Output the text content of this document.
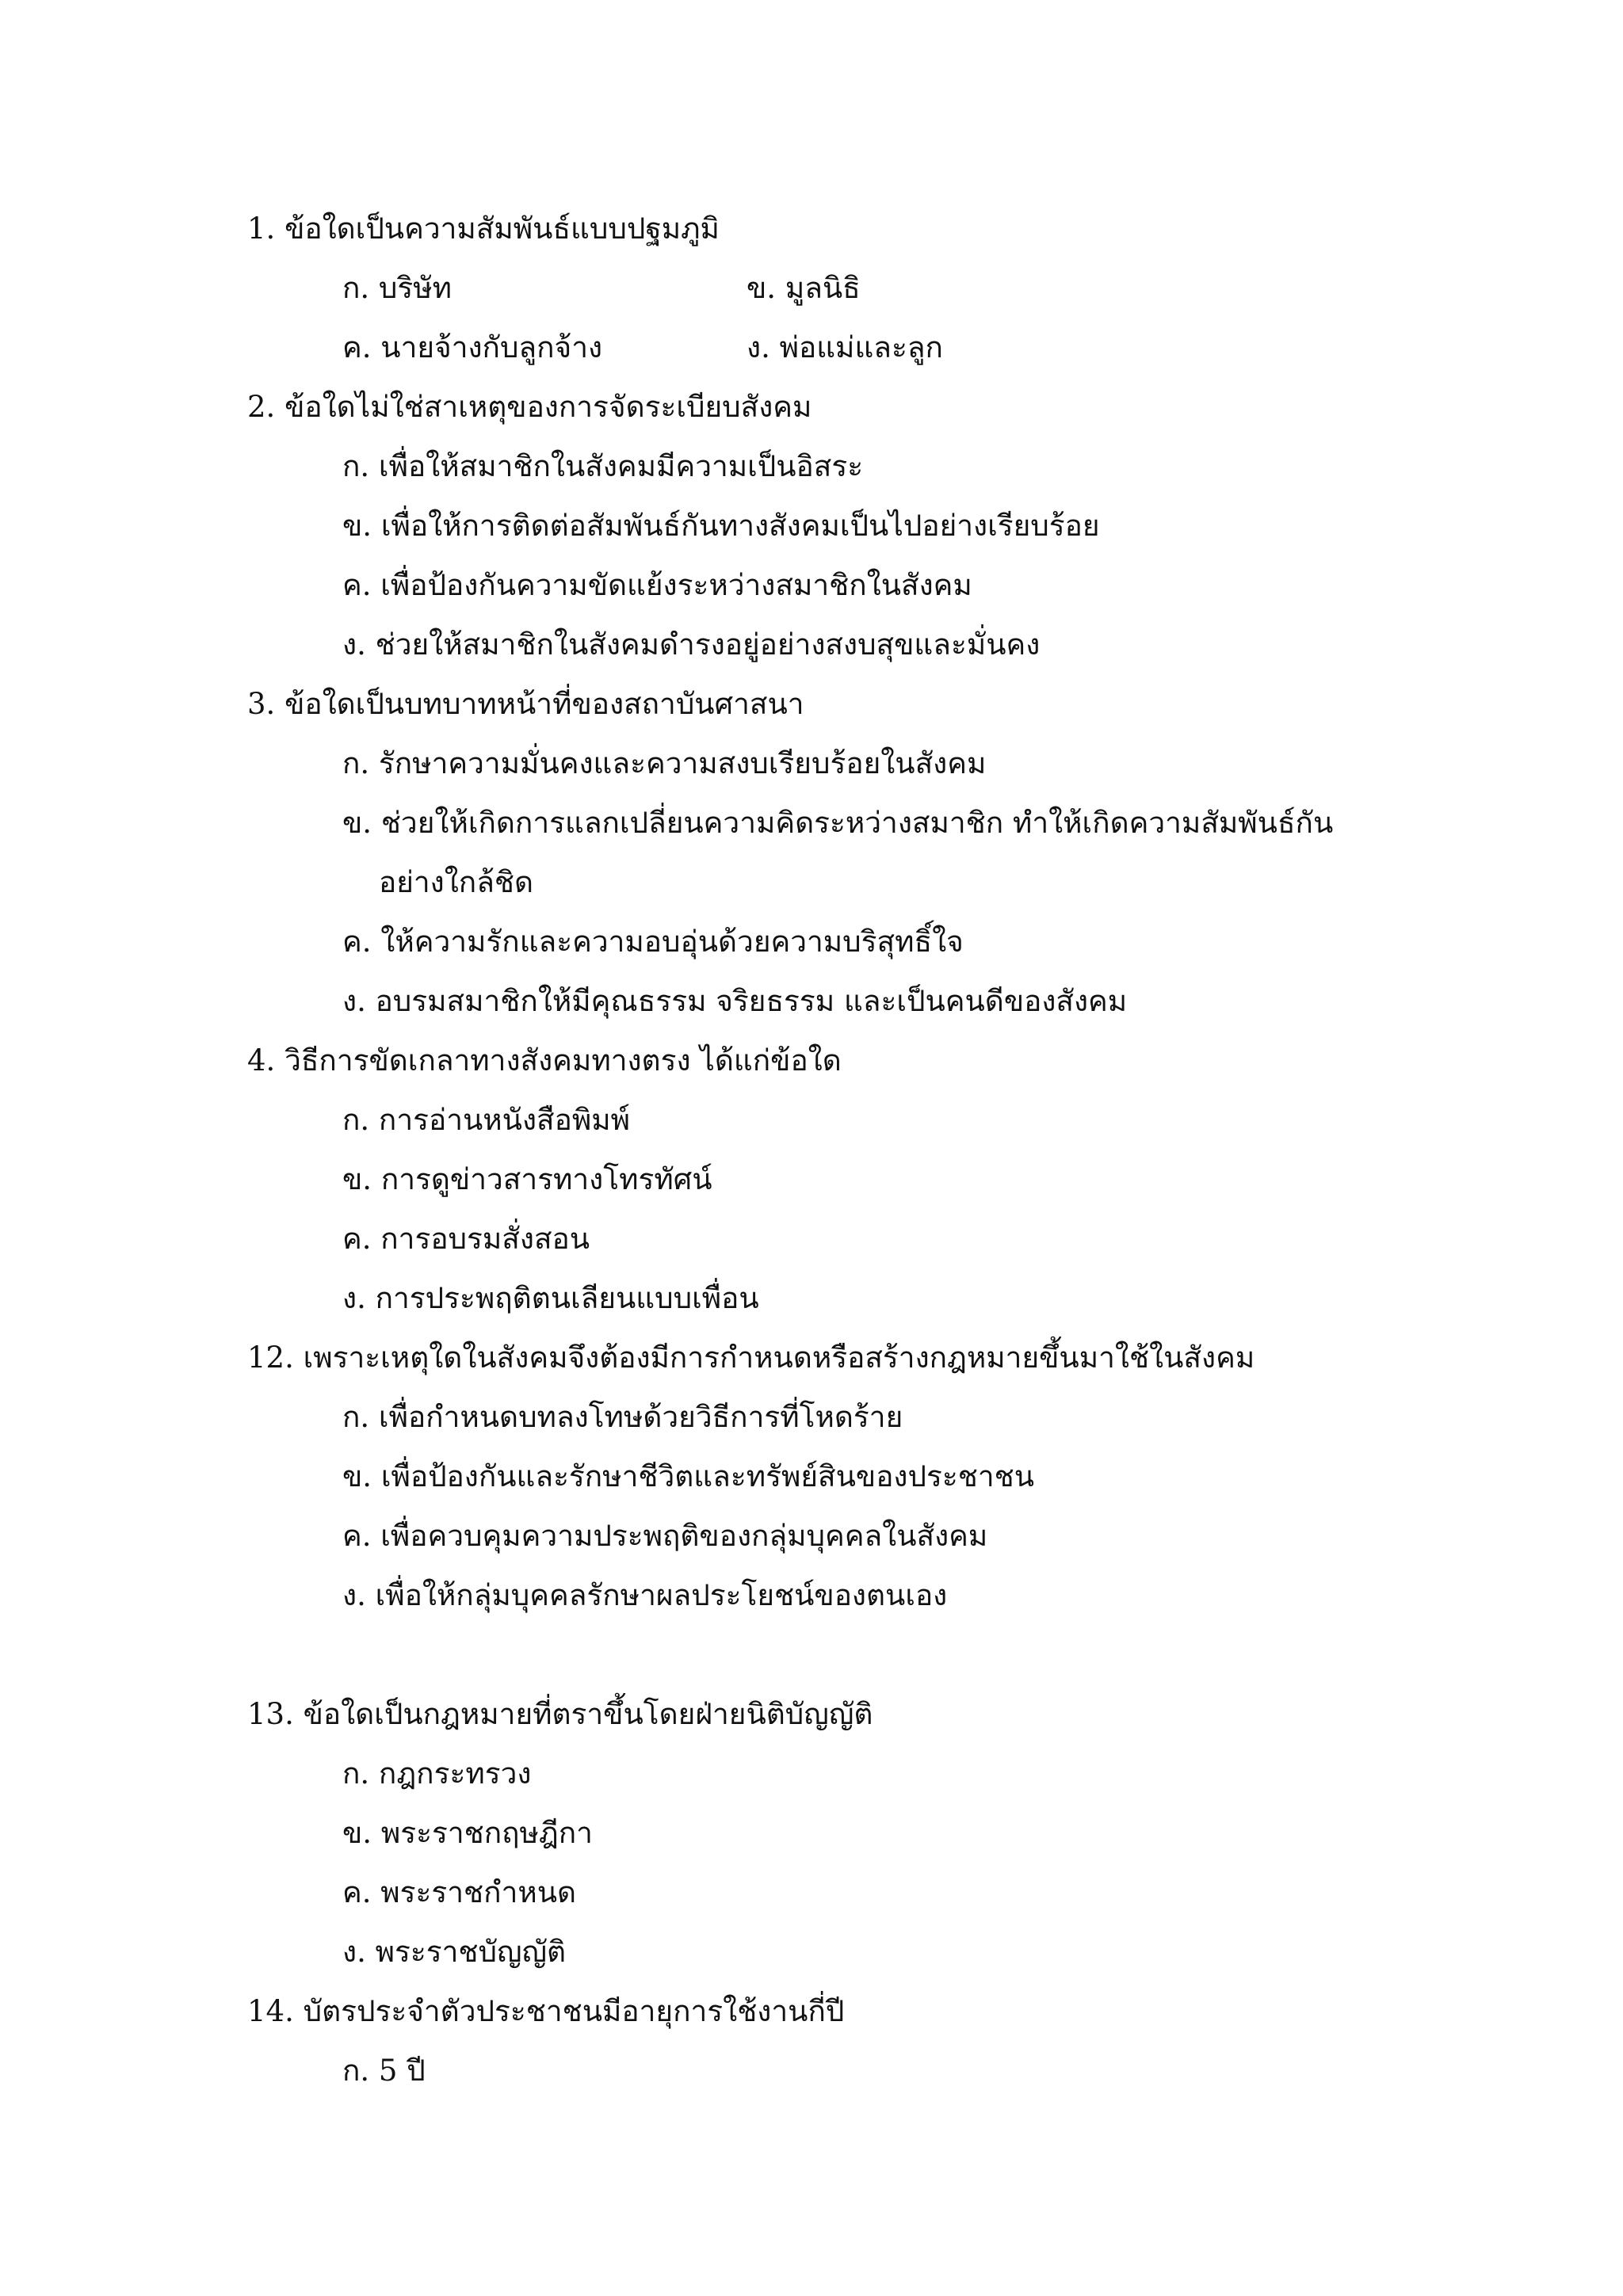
1. ข้อใดเป็นความสัมพันธ์แบบปฐมภูมิ
ก. บริษัท	ข. มูลนิธิ
ค. นายจ้างกับลูกจ้าง	ง. พ่อแม่และลูก
2. ข้อใดไม่ใช่สาเหตุของการจัดระเบียบสังคม
ก. เพื่อให้สมาชิกในสังคมมีความเป็นอิสระ
ข. เพื่อให้การติดต่อสัมพันธ์กันทางสังคมเป็นไปอย่างเรียบร้อย
ค. เพื่อป้องกันความขัดแย้งระหว่างสมาชิกในสังคม
ง. ช่วยให้สมาชิกในสังคมดำรงอยู่อย่างสงบสุขและมั่นคง
3. ข้อใดเป็นบทบาทหน้าที่ของสถาบันศาสนา
ก. รักษาความมั่นคงและความสงบเรียบร้อยในสังคม
ข. ช่วยให้เกิดการแลกเปลี่ยนความคิดระหว่างสมาชิก ทำให้เกิดความสัมพันธ์กัน
อย่างใกล้ชิด
ค. ให้ความรักและความอบอุ่นด้วยความบริสุทธิ์ใจ
ง. อบรมสมาชิกให้มีคุณธรรม จริยธรรม และเป็นคนดีของสังคม
4. วิธีการขัดเกลาทางสังคมทางตรง ได้แก่ข้อใด
ก. การอ่านหนังสือพิมพ์
ข. การดูข่าวสารทางโทรทัศน์
ค. การอบรมสั่งสอน
ง. การประพฤติตนเลียนแบบเพื่อน
12. เพราะเหตุใดในสังคมจึงต้องมีการกำหนดหรือสร้างกฎหมายขึ้นมาใช้ในสังคม
ก. เพื่อกำหนดบทลงโทษด้วยวิธีการที่โหดร้าย
ข. เพื่อป้องกันและรักษาชีวิตและทรัพย์สินของประชาชน
ค. เพื่อควบคุมความประพฤติของกลุ่มบุคคลในสังคม
ง. เพื่อให้กลุ่มบุคคลรักษาผลประโยชน์ของตนเอง
13. ข้อใดเป็นกฎหมายที่ตราขึ้นโดยฝ่ายนิติบัญญัติ
ก. กฎกระทรวง
ข. พระราชกฤษฎีกา
ค. พระราชกำหนด
ง. พระราชบัญญัติ
14. บัตรประจำตัวประชาชนมีอายุการใช้งานกี่ปี
ก. 5 ปี
